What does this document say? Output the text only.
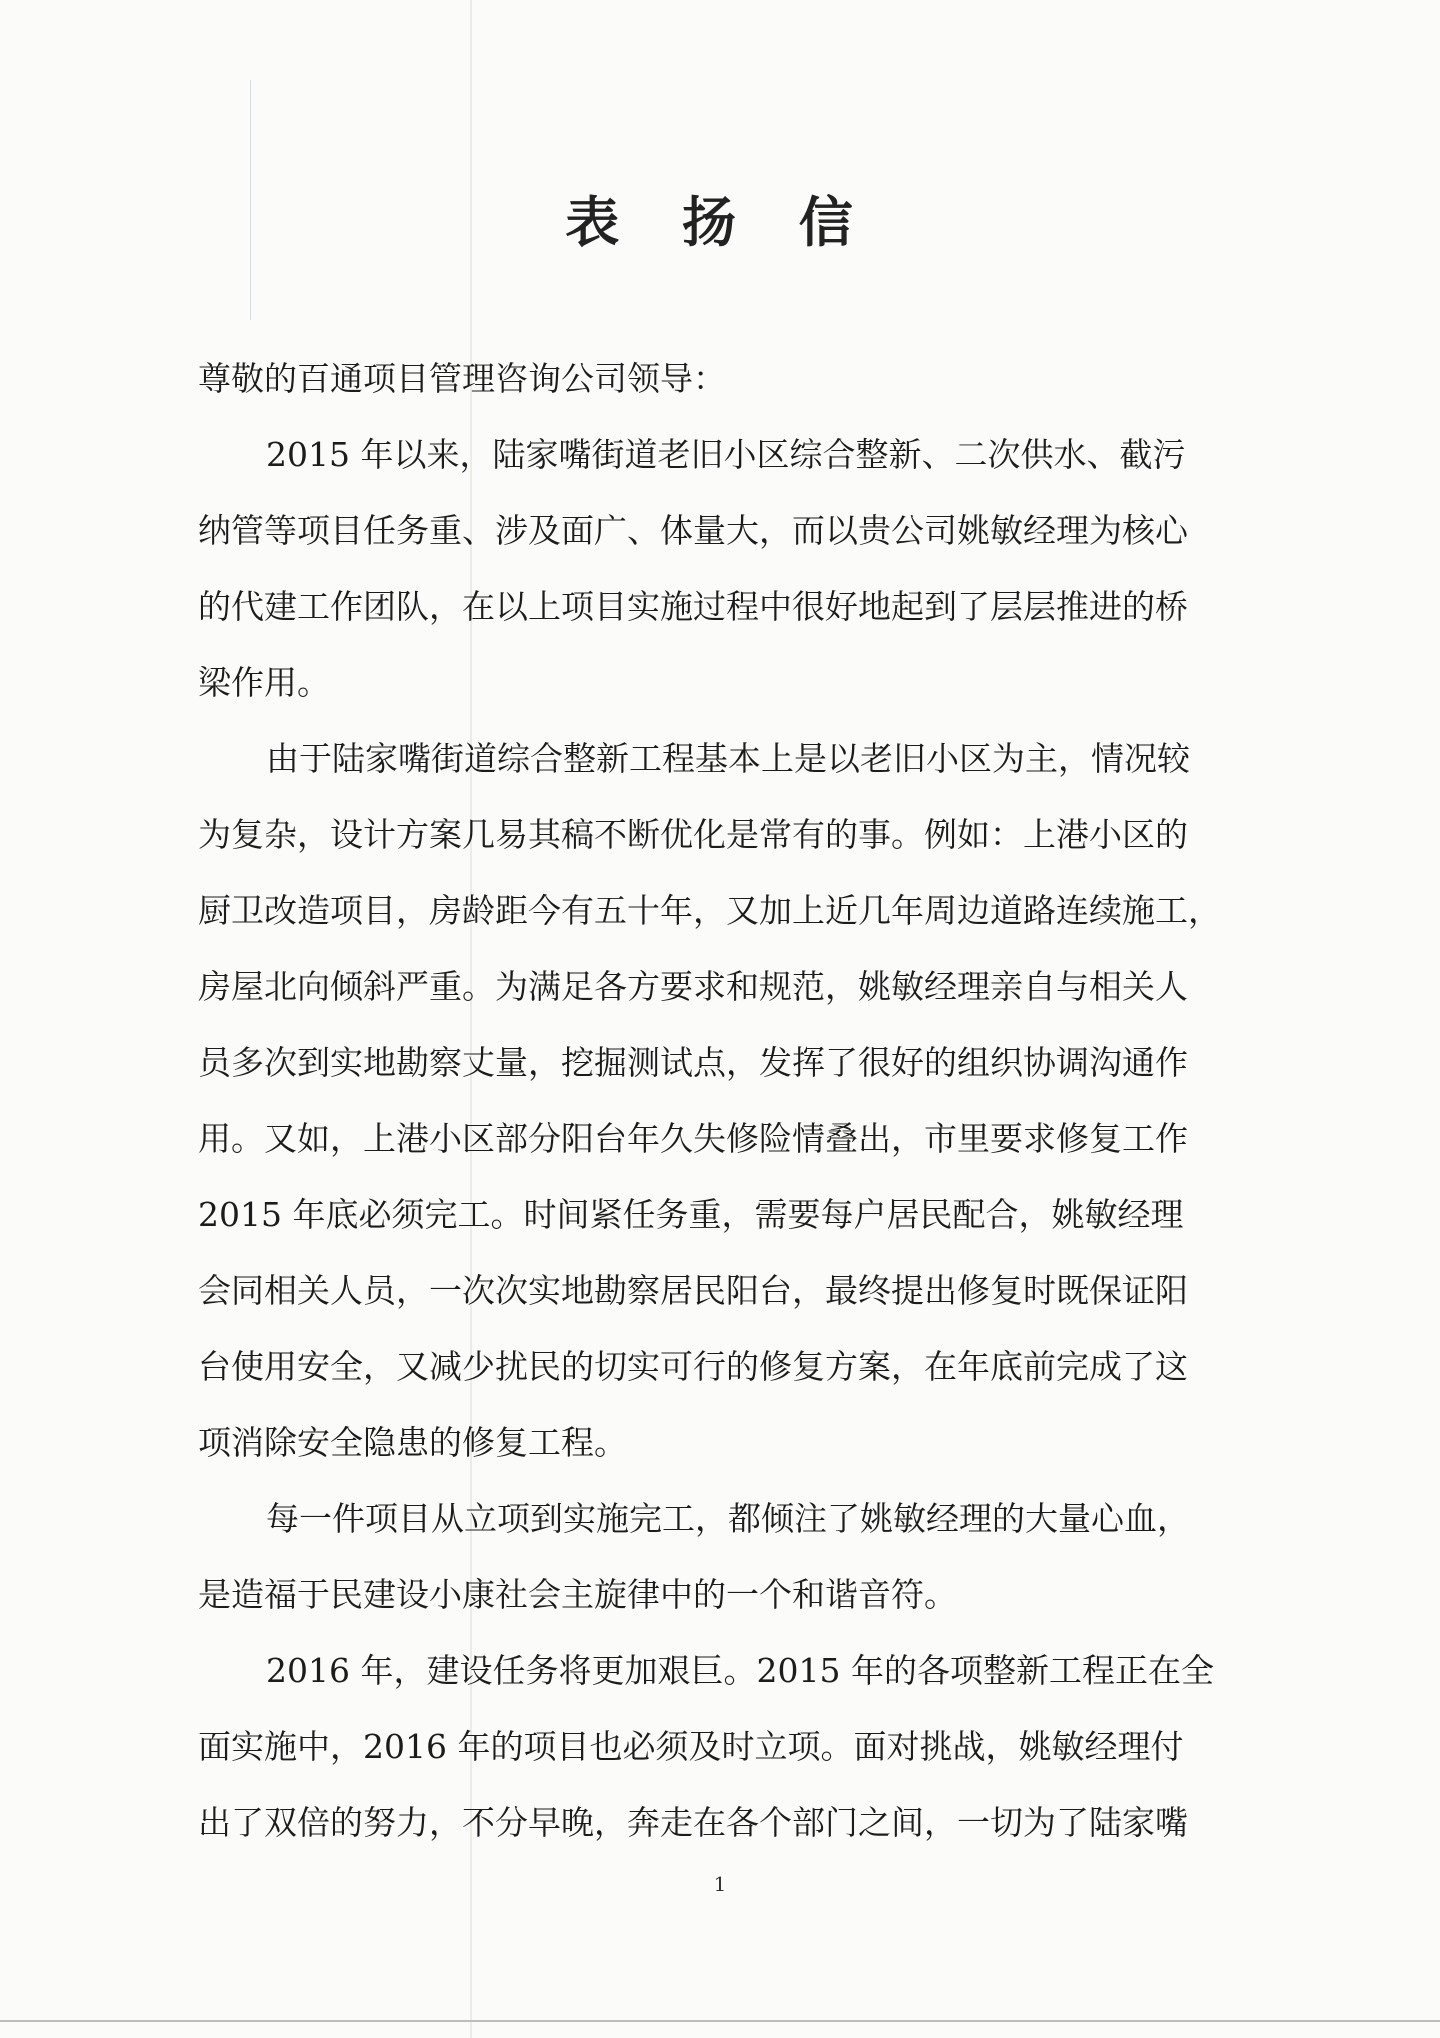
表 扬 信
尊敬的百通项目管理咨询公司领导：
2015 年以来，陆家嘴街道老旧小区综合整新、二次供水、截污
纳管等项目任务重、涉及面广、体量大，而以贵公司姚敏经理为核心
的代建工作团队，在以上项目实施过程中很好地起到了层层推进的桥
梁作用。
由于陆家嘴街道综合整新工程基本上是以老旧小区为主，情况较
为复杂，设计方案几易其稿不断优化是常有的事。例如：上港小区的
厨卫改造项目，房龄距今有五十年，又加上近几年周边道路连续施工，
房屋北向倾斜严重。为满足各方要求和规范，姚敏经理亲自与相关人
员多次到实地勘察丈量，挖掘测试点，发挥了很好的组织协调沟通作
用。又如，上港小区部分阳台年久失修险情叠出，市里要求修复工作
2015 年底必须完工。时间紧任务重，需要每户居民配合，姚敏经理
会同相关人员，一次次实地勘察居民阳台，最终提出修复时既保证阳
台使用安全，又减少扰民的切实可行的修复方案，在年底前完成了这
项消除安全隐患的修复工程。
每一件项目从立项到实施完工，都倾注了姚敏经理的大量心血，
是造福于民建设小康社会主旋律中的一个和谐音符。
2016 年，建设任务将更加艰巨。2015 年的各项整新工程正在全
面实施中，2016 年的项目也必须及时立项。面对挑战，姚敏经理付
出了双倍的努力，不分早晚，奔走在各个部门之间，一切为了陆家嘴
1
